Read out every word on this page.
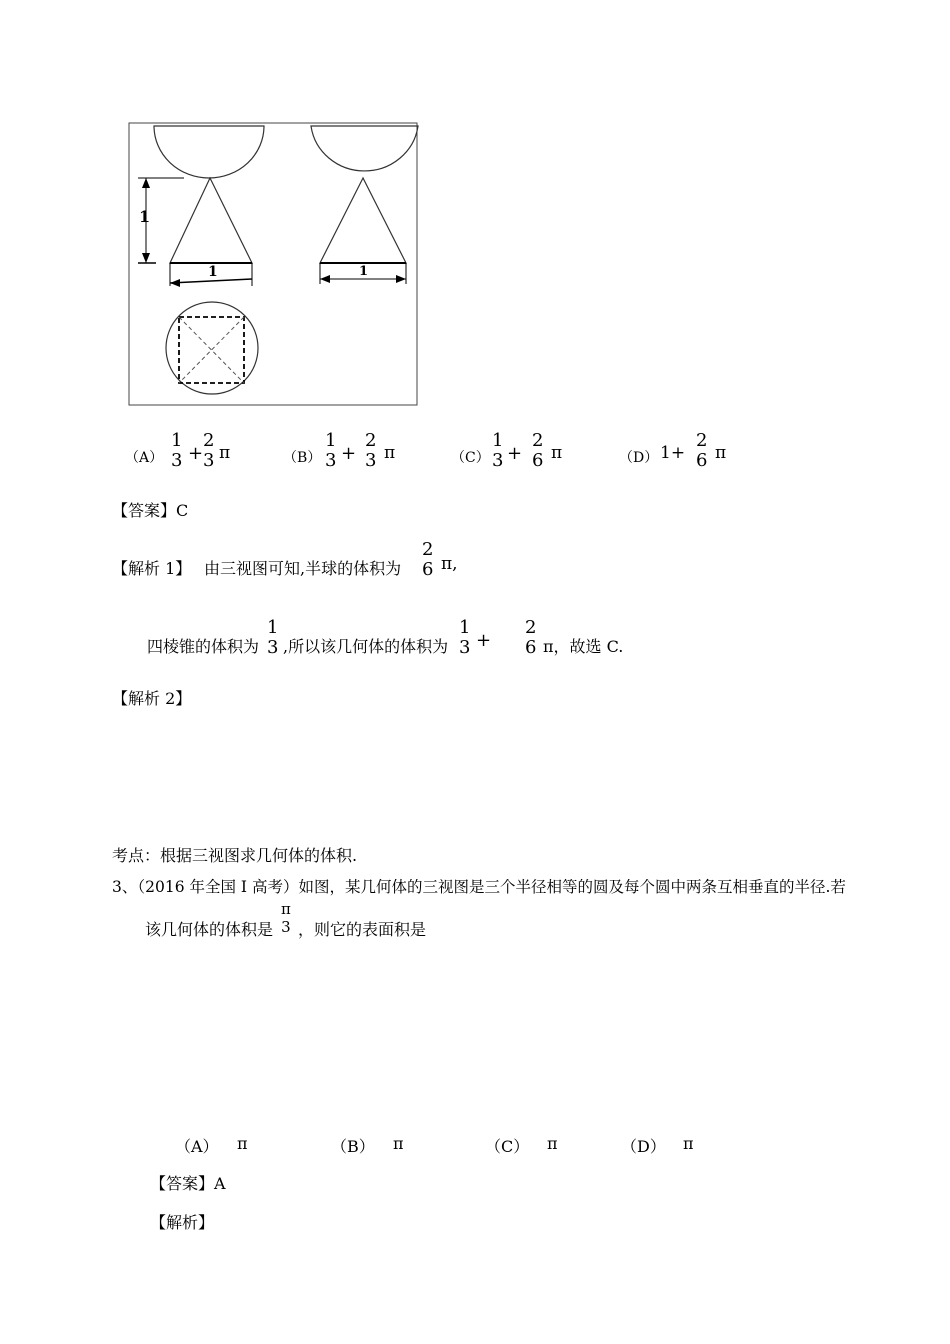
1
1	1
（A）
1
3 +
2
3 π	（B）
1
3 +
2
3 π	（C）
1
3 +
2
6 π	（D） 1+
2
6 π
【答案】C
【解析 1】 由三视图可知,半球的体积为
2
6 π,
四棱锥的体积为
1
3 ,所以该几何体的体积为
1
3 +
2
6 π，故选 C.
【解析 2】
考点：根据三视图求几何体的体积.
3、（2016 年全国 I 高考）如图，某几何体的三视图是三个半径相等的圆及每个圆中两条互相垂直的半径.若
该几何体的体积是
π
3 ，则它的表面积是
（A） π	（B） π	（C） π	（D） π
【答案】A
【解析】
